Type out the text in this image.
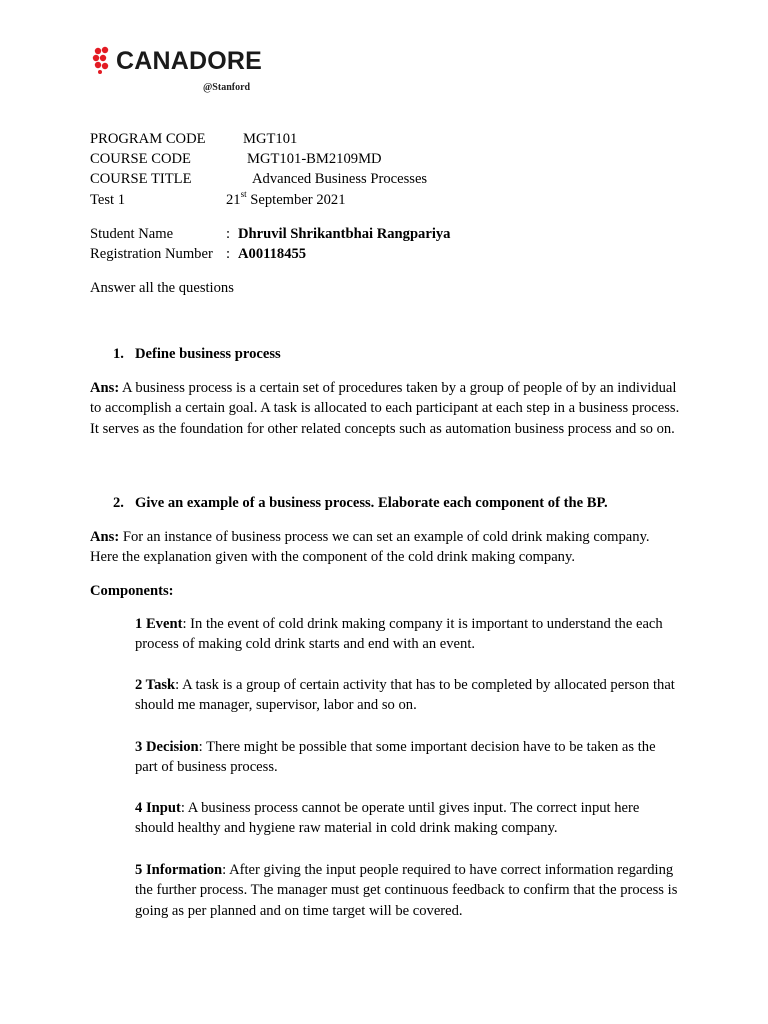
CANADORE
@Stanford
PROGRAM CODE	MGT101
COURSE CODE	MGT101-BM2109MD
COURSE TITLE	Advanced Business Processes
Test 1	21st September 2021
Student Name	: Dhruvil Shrikantbhai Rangpariya
Registration Number : A00118455
Answer all the questions
1. Define business process
Ans: A business process is a certain set of procedures taken by a group of people of by an individual to accomplish a certain goal. A task is allocated to each participant at each step in a business process. It serves as the foundation for other related concepts such as automation business process and so on.
2. Give an example of a business process. Elaborate each component of the BP.
Ans: For an instance of business process we can set an example of cold drink making company. Here the explanation given with the component of the cold drink making company.
Components:
1 Event: In the event of cold drink making company it is important to understand the each process of making cold drink starts and end with an event.
2 Task: A task is a group of certain activity that has to be completed by allocated person that should me manager, supervisor, labor and so on.
3 Decision: There might be possible that some important decision have to be taken as the part of business process.
4 Input: A business process cannot be operate until gives input. The correct input here should healthy and hygiene raw material in cold drink making company.
5 Information: After giving the input people required to have correct information regarding the further process. The manager must get continuous feedback to confirm that the process is going as per planned and on time target will be covered.
